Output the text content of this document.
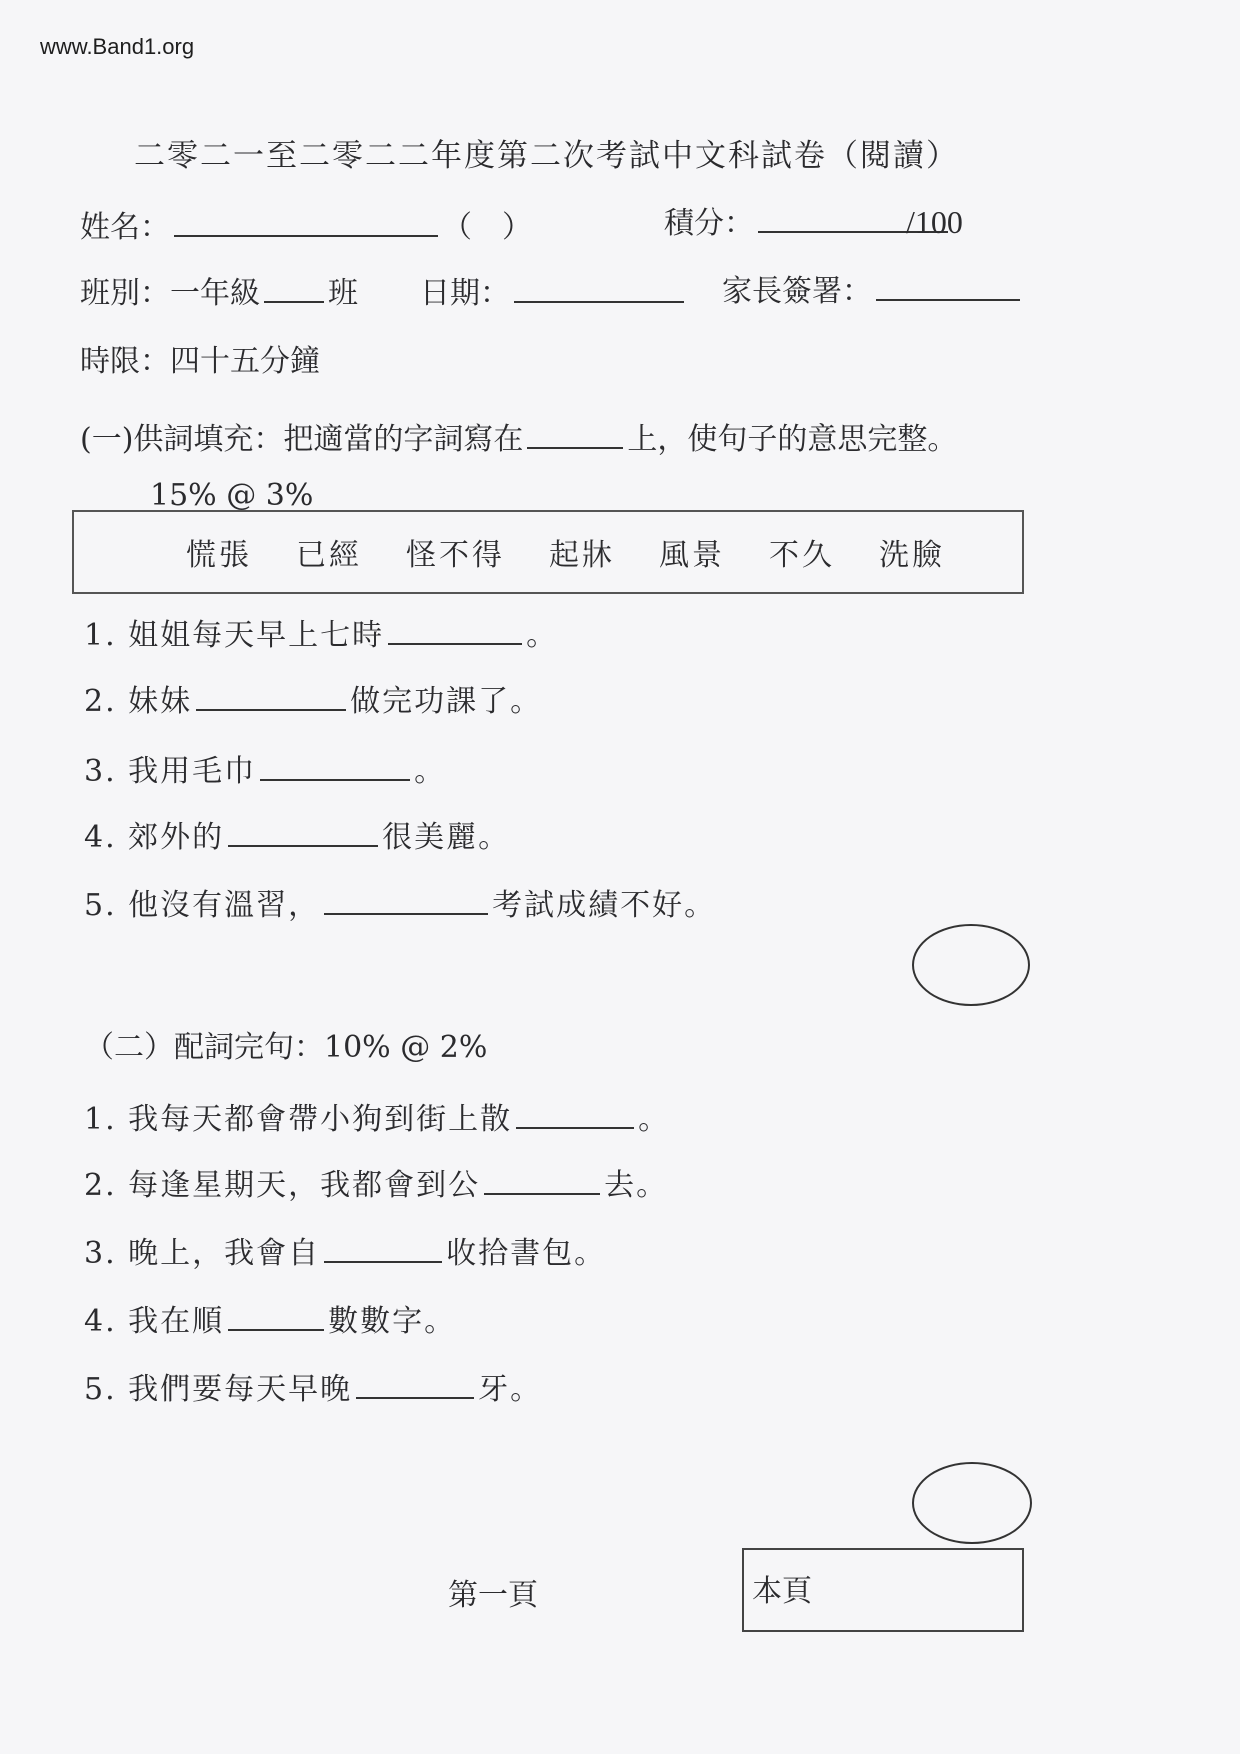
www.Band1.org
二零二一至二零二二年度第二次考試中文科試卷（閱讀）
姓名：	（　）	積分：	/100
班別：一年級 班 日期：	家長簽署：
時限：四十五分鐘
(一)供詞填充：把適當的字詞寫在	上，使句子的意思完整。
15% @ 3%
慌張 已經 怪不得 起牀 風景 不久 洗臉
1. 姐姐每天早上七時	。
2. 妹妹	做完功課了。
3. 我用毛巾	。
4. 郊外的	很美麗。
5. 他沒有溫習，	考試成績不好。
（二）配詞完句：10% @ 2%
1. 我每天都會帶小狗到街上散	。
2. 每逢星期天，我都會到公	去。
3. 晚上，我會自	收拾書包。
4. 我在順	數數字。
5. 我們要每天早晚	牙。
第一頁	本頁
